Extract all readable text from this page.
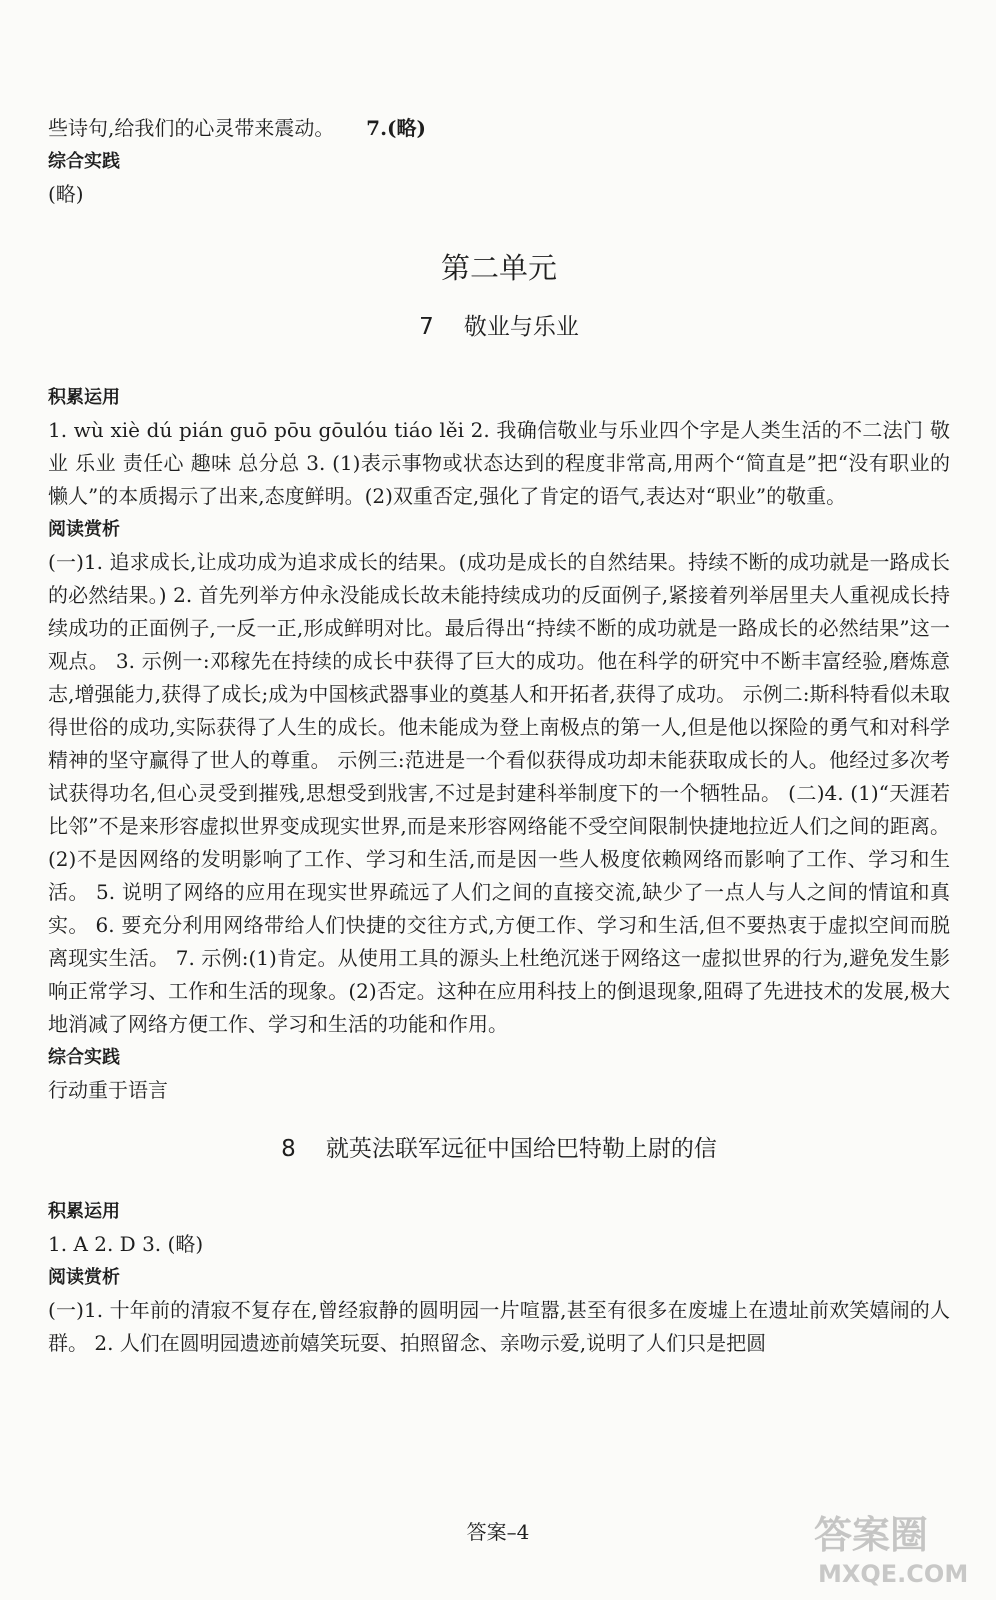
些诗句,给我们的心灵带来震动。 7.(略)

综合实践

(略)

第二单元
7 敬业与乐业

积累运用

1. wù xiè dú pián guō pōu gōulóu tiáo lěi 2. 我确信敬业与乐业四个字是人类生活的不二法门 敬业 乐业 责任心 趣味 总分总 3. (1)表示事物或状态达到的程度非常高,用两个“简直是”把“没有职业的懒人”的本质揭示了出来,态度鲜明。(2)双重否定,强化了肯定的语气,表达对“职业”的敬重。

阅读赏析

(一)1. 追求成长,让成功成为追求成长的结果。(成功是成长的自然结果。持续不断的成功就是一路成长的必然结果。) 2. 首先列举方仲永没能成长故未能持续成功的反面例子,紧接着列举居里夫人重视成长持续成功的正面例子,一反一正,形成鲜明对比。最后得出“持续不断的成功就是一路成长的必然结果”这一观点。 3. 示例一:邓稼先在持续的成长中获得了巨大的成功。他在科学的研究中不断丰富经验,磨炼意志,增强能力,获得了成长;成为中国核武器事业的奠基人和开拓者,获得了成功。 示例二:斯科特看似未取得世俗的成功,实际获得了人生的成长。他未能成为登上南极点的第一人,但是他以探险的勇气和对科学精神的坚守赢得了世人的尊重。 示例三:范进是一个看似获得成功却未能获取成长的人。他经过多次考试获得功名,但心灵受到摧残,思想受到戕害,不过是封建科举制度下的一个牺牲品。 (二)4. (1)“天涯若比邻”不是来形容虚拟世界变成现实世界,而是来形容网络能不受空间限制快捷地拉近人们之间的距离。 (2)不是因网络的发明影响了工作、学习和生活,而是因一些人极度依赖网络而影响了工作、学习和生活。 5. 说明了网络的应用在现实世界疏远了人们之间的直接交流,缺少了一点人与人之间的情谊和真实。 6. 要充分利用网络带给人们快捷的交往方式,方便工作、学习和生活,但不要热衷于虚拟空间而脱离现实生活。 7. 示例:(1)肯定。从使用工具的源头上杜绝沉迷于网络这一虚拟世界的行为,避免发生影响正常学习、工作和生活的现象。(2)否定。这种在应用科技上的倒退现象,阻碍了先进技术的发展,极大地消减了网络方便工作、学习和生活的功能和作用。

综合实践

行动重于语言

8 就英法联军远征中国给巴特勒上尉的信

积累运用

1. A 2. D 3. (略)

阅读赏析

(一)1. 十年前的清寂不复存在,曾经寂静的圆明园一片喧嚣,甚至有很多在废墟上在遗址前欢笑嬉闹的人群。 2. 人们在圆明园遗迹前嬉笑玩耍、拍照留念、亲吻示爱,说明了人们只是把圆

答案–4	答案圈
MXQE.COM
